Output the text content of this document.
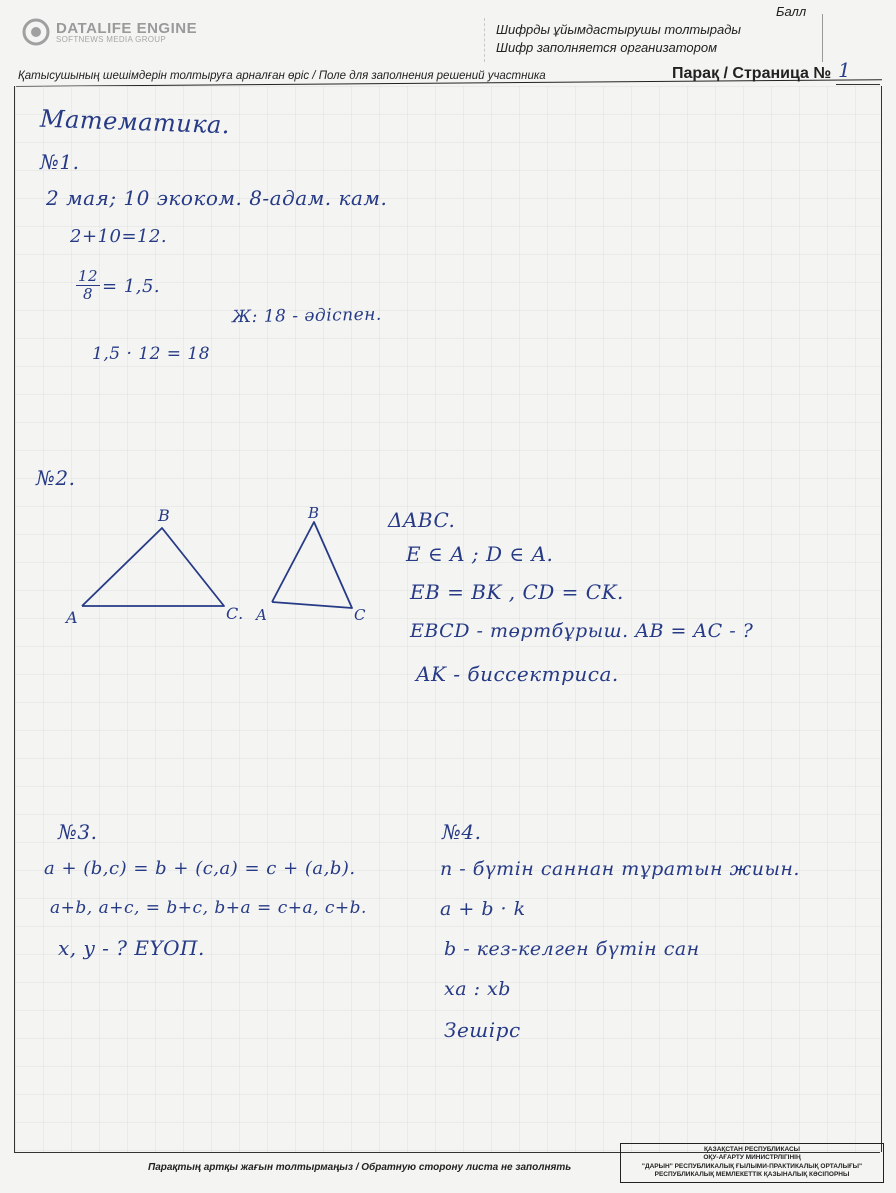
DATALIFE ENGINE
SOFTNEWS MEDIA GROUP
Шифрды ұйымдастырушы толтырады
Шифр заполняется организатором
Балл
Қатысушының шешімдерін толтыруға арналған өріс / Поле для заполнения решений участника	Парақ / Страница № 1
Математика.
№1.
2 мая; 10 экоком. 8-адам. кам.
2+10=12.
$\frac{12}{8} = 1,5$.
Ж: 18 - әдіспен.
1,5 · 12 = 18
№2.
B
A	C.
B
A	C
ΔABC.
E ∈ A ; D ∈ A.
EB = BK , CD = CK.
EBCD - төртбұрыш. AB = AC - ?
AK - биссектриса.
№3.
a + (b,c) = b + (c,a) = c + (a,b).
a+b, a+c, = b+c, b+a = c+a, c+b.
x, y - ? ЕҮОП.
№4.
n - бүтін саннан тұратын жиын.
a + b · k
b - кез-келген бүтін сан
xa : xb
Зешірс
Парақтың артқы жағын толтырмаңыз / Обратную сторону листа не заполнять
ҚАЗАҚСТАН РЕСПУБЛИКАСЫ
ОҚУ-АҒАРТУ МИНИСТРЛІГІНІҢ
"ДАРЫН" РЕСПУБЛИКАЛЫҚ ҒЫЛЫМИ-ПРАКТИКАЛЫҚ ОРТАЛЫҒЫ"
РЕСПУБЛИКАЛЫҚ МЕМЛЕКЕТТІК ҚАЗЫНАЛЫҚ КӘСІПОРНЫ
